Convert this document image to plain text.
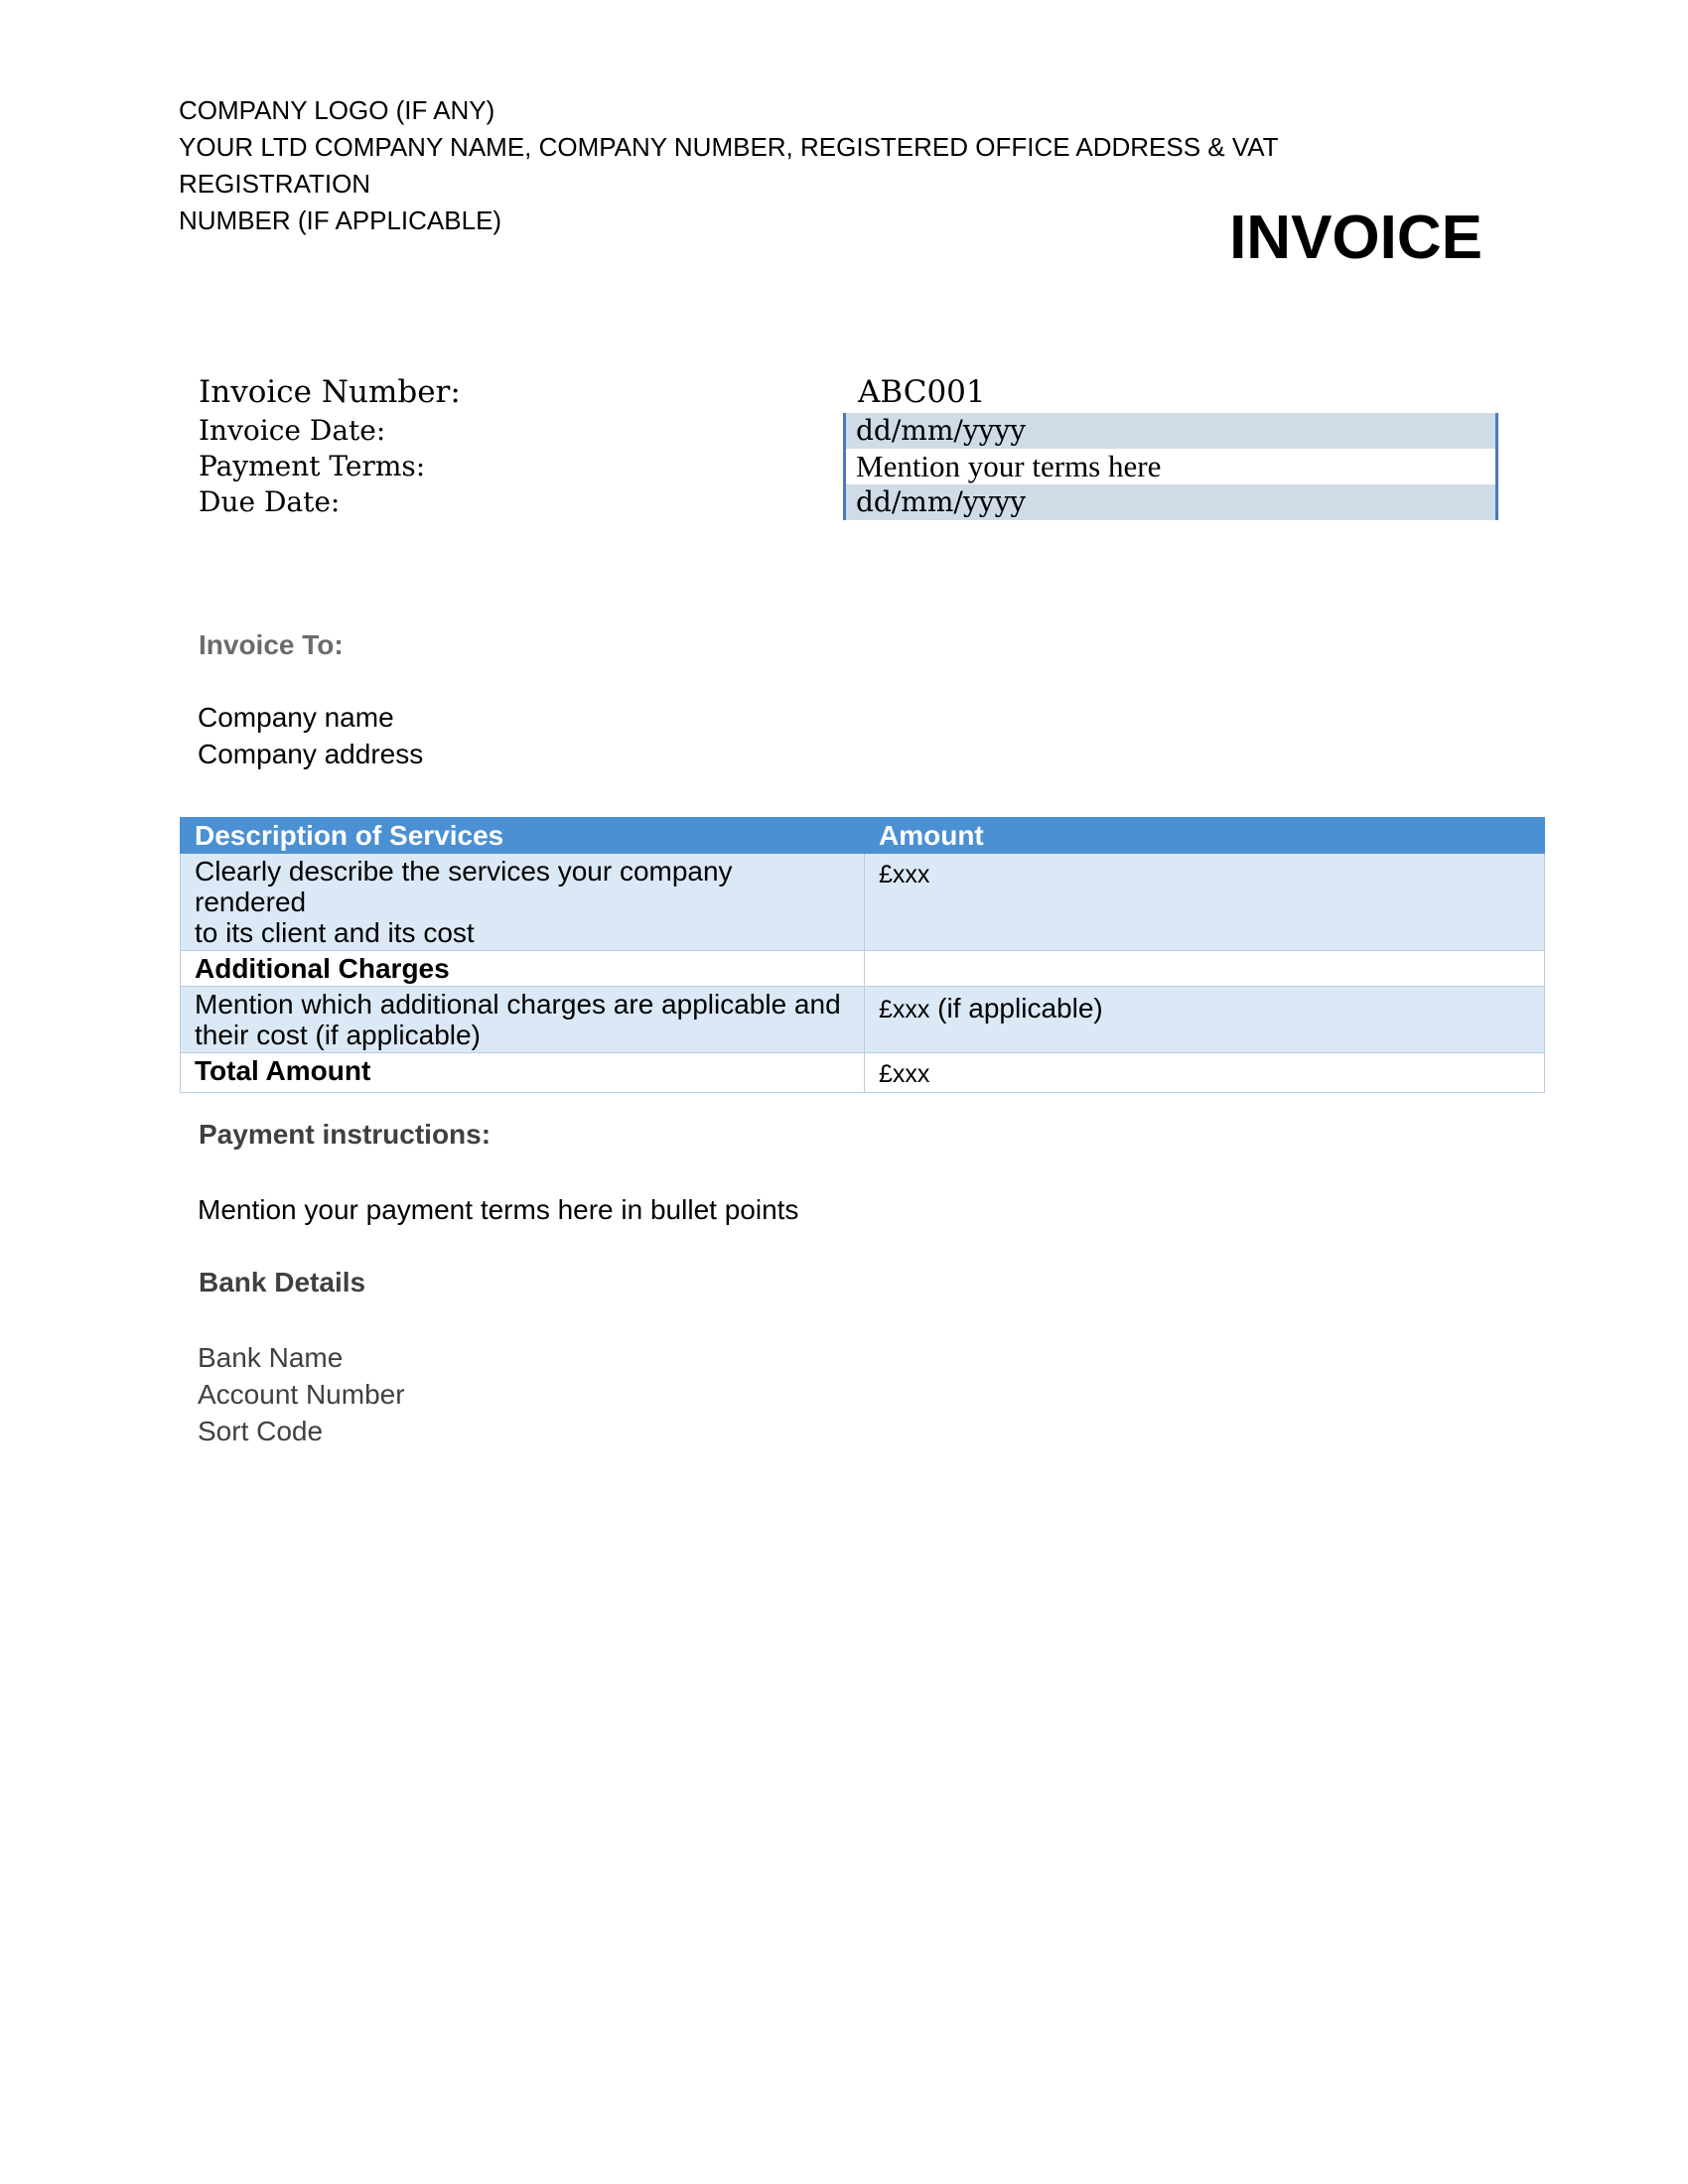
COMPANY LOGO (IF ANY)
YOUR LTD COMPANY NAME, COMPANY NUMBER, REGISTERED OFFICE ADDRESS & VAT REGISTRATION
NUMBER (IF APPLICABLE)	INVOICE
Invoice Number:	ABC001
Invoice Date:	dd/mm/yyyy
Payment Terms:	Mention your terms here
Due Date:	dd/mm/yyyy
Invoice To:
Company name
Company address
Description of Services	Amount

Clearly describe the services your company rendered
to its client and its cost	£xxx
Additional Charges	

Mention which additional charges are applicable and
their cost (if applicable)	£xxx (if applicable)
Total Amount	£xxx
Payment instructions:
Mention your payment terms here in bullet points
Bank Details
Bank Name
Account Number
Sort Code
